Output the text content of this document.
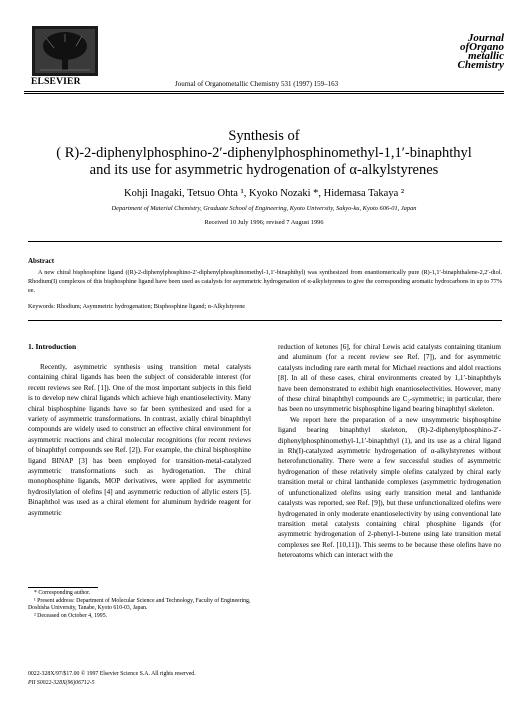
ELSEVIER	Journal of Organometallic Chemistry 531 (1997) 159–163
Journal
ofOrgano
metallic
Chemistry
Synthesis of
( R)-2-diphenylphosphino-2′-diphenylphosphinomethyl-1,1′-binaphthyl
and its use for asymmetric hydrogenation of α-alkylstyrenes
Kohji Inagaki, Tetsuo Ohta ¹, Kyoko Nozaki *, Hidemasa Takaya ²
Department of Material Chemistry, Graduate School of Engineering, Kyoto University, Sakyo-ku, Kyoto 606-01, Japan
Received 10 July 1996; revised 7 August 1996
Abstract
A new chiral bisphosphine ligand ((R)-2-diphenylphosphino-2′-diphenylphosphinomethyl-1,1′-binaphthyl) was synthesized from enantiomerically pure (R)-1,1′-binaphthalene-2,2′-diol. Rhodium(I) complexes of this bisphosphine ligand have been used as catalysts for asymmetric hydrogenation of α-alkylstyrenes to give the corresponding aromatic hydrocarbons in up to 77% ee.
Keywords: Rhodium; Asymmetric hydrogenation; Bisphosphine ligand; α-Alkylstyrene
1. Introduction

Recently, asymmetric synthesis using transition metal catalysts containing chiral ligands has been the subject of considerable interest (for recent reviews see Ref. [1]). One of the most important subjects in this field is to develop new chiral ligands which achieve high enantioselectivity. Many chiral bisphosphine ligands have so far been synthesized and used for a variety of asymmetric transformations. In contrast, axially chiral binaphthyl compounds are widely used to construct an effective chiral environment for asymmetric reactions and chiral molecular recognitions (for recent reviews of binaphthyl compounds see Ref. [2]). For example, the chiral bisphosphine ligand BINAP [3] has been employed for transition-metal-catalyzed asymmetric transformations such as hydrogenation. The chiral monophosphine ligands, MOP derivatives, were applied for asymmetric hydrosilylation of olefins [4] and asymmetric reduction of allylic esters [5]. Binaphthol was used as a chiral element for aluminum hydride reagent for asymmetric

* Corresponding author.
¹ Present address: Department of Molecular Science and Technology, Faculty of Engineering, Doshisha University, Tanabe, Kyoto 610-03, Japan.
² Deceased on October 4, 1995.
0022-328X/97/$17.00 © 1997 Elsevier Science S.A. All rights reserved.
PII S0022-328X(96)06712-5

reduction of ketones [6], for chiral Lewis acid catalysts containing titanium and aluminum (for a recent review see Ref. [7]), and for asymmetric catalysts including rare earth metal for Michael reactions and aldol reactions [8]. In all of these cases, chiral environments created by 1,1′-binaphthyls have been demonstrated to exhibit high enantioselectivities. However, many of these chiral binaphthyl compounds are C₂-symmetric; in particular, there has been no unsymmetric bisphosphine ligand bearing binaphthyl skeleton.

We report here the preparation of a new unsymmetric bisphosphine ligand bearing binaphthyl skeleton, (R)-2-diphenylphosphino-2′-diphenylphosphinomethyl-1,1′-binaphthyl (1), and its use as a chiral ligand in Rh(I)-catalyzed asymmetric hydrogenation of α-alkylstyrenes without heterofunctionality. There were a few successful studies of asymmetric hydrogenation of these relatively simple olefins catalyzed by chiral early transition metal or chiral lanthanide complexes (asymmetric hydrogenation of unfunctionalized olefins using early transition metal and lanthanide catalysts was reported, see Ref. [9]), but these unfunctionalized olefins were hydrogenated in only moderate enantioselectivity by using conventional late transition metal catalysts containing chiral phosphine ligands (for asymmetric hydrogenation of 2-phenyl-1-butene using late transition metal complexes see Ref. [10,11]). This seems to be because these olefins have no heteroatoms which can interact with the
